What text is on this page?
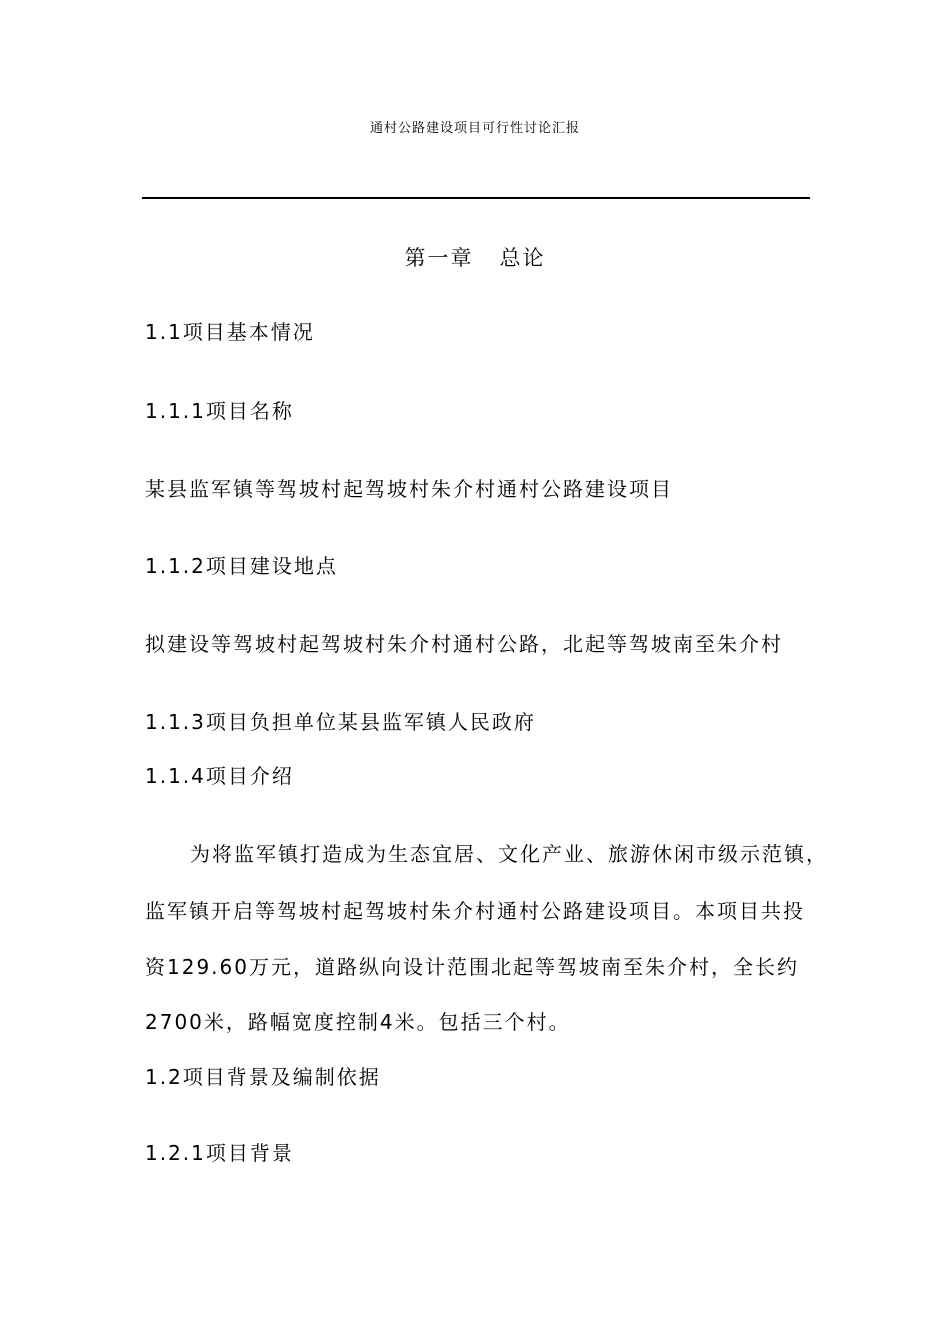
通村公路建设项目可行性讨论汇报
第一章   总论
1.1项目基本情况
1.1.1项目名称
某县监军镇等驾坡村起驾坡村朱介村通村公路建设项目
1.1.2项目建设地点
拟建设等驾坡村起驾坡村朱介村通村公路，北起等驾坡南至朱介村
1.1.3项目负担单位某县监军镇人民政府
1.1.4项目介绍
为将监军镇打造成为生态宜居、文化产业、旅游休闲市级示范镇，
监军镇开启等驾坡村起驾坡村朱介村通村公路建设项目。本项目共投
资129.60万元，道路纵向设计范围北起等驾坡南至朱介村，全长约
2700米，路幅宽度控制4米。包括三个村。
1.2项目背景及编制依据
1.2.1项目背景
